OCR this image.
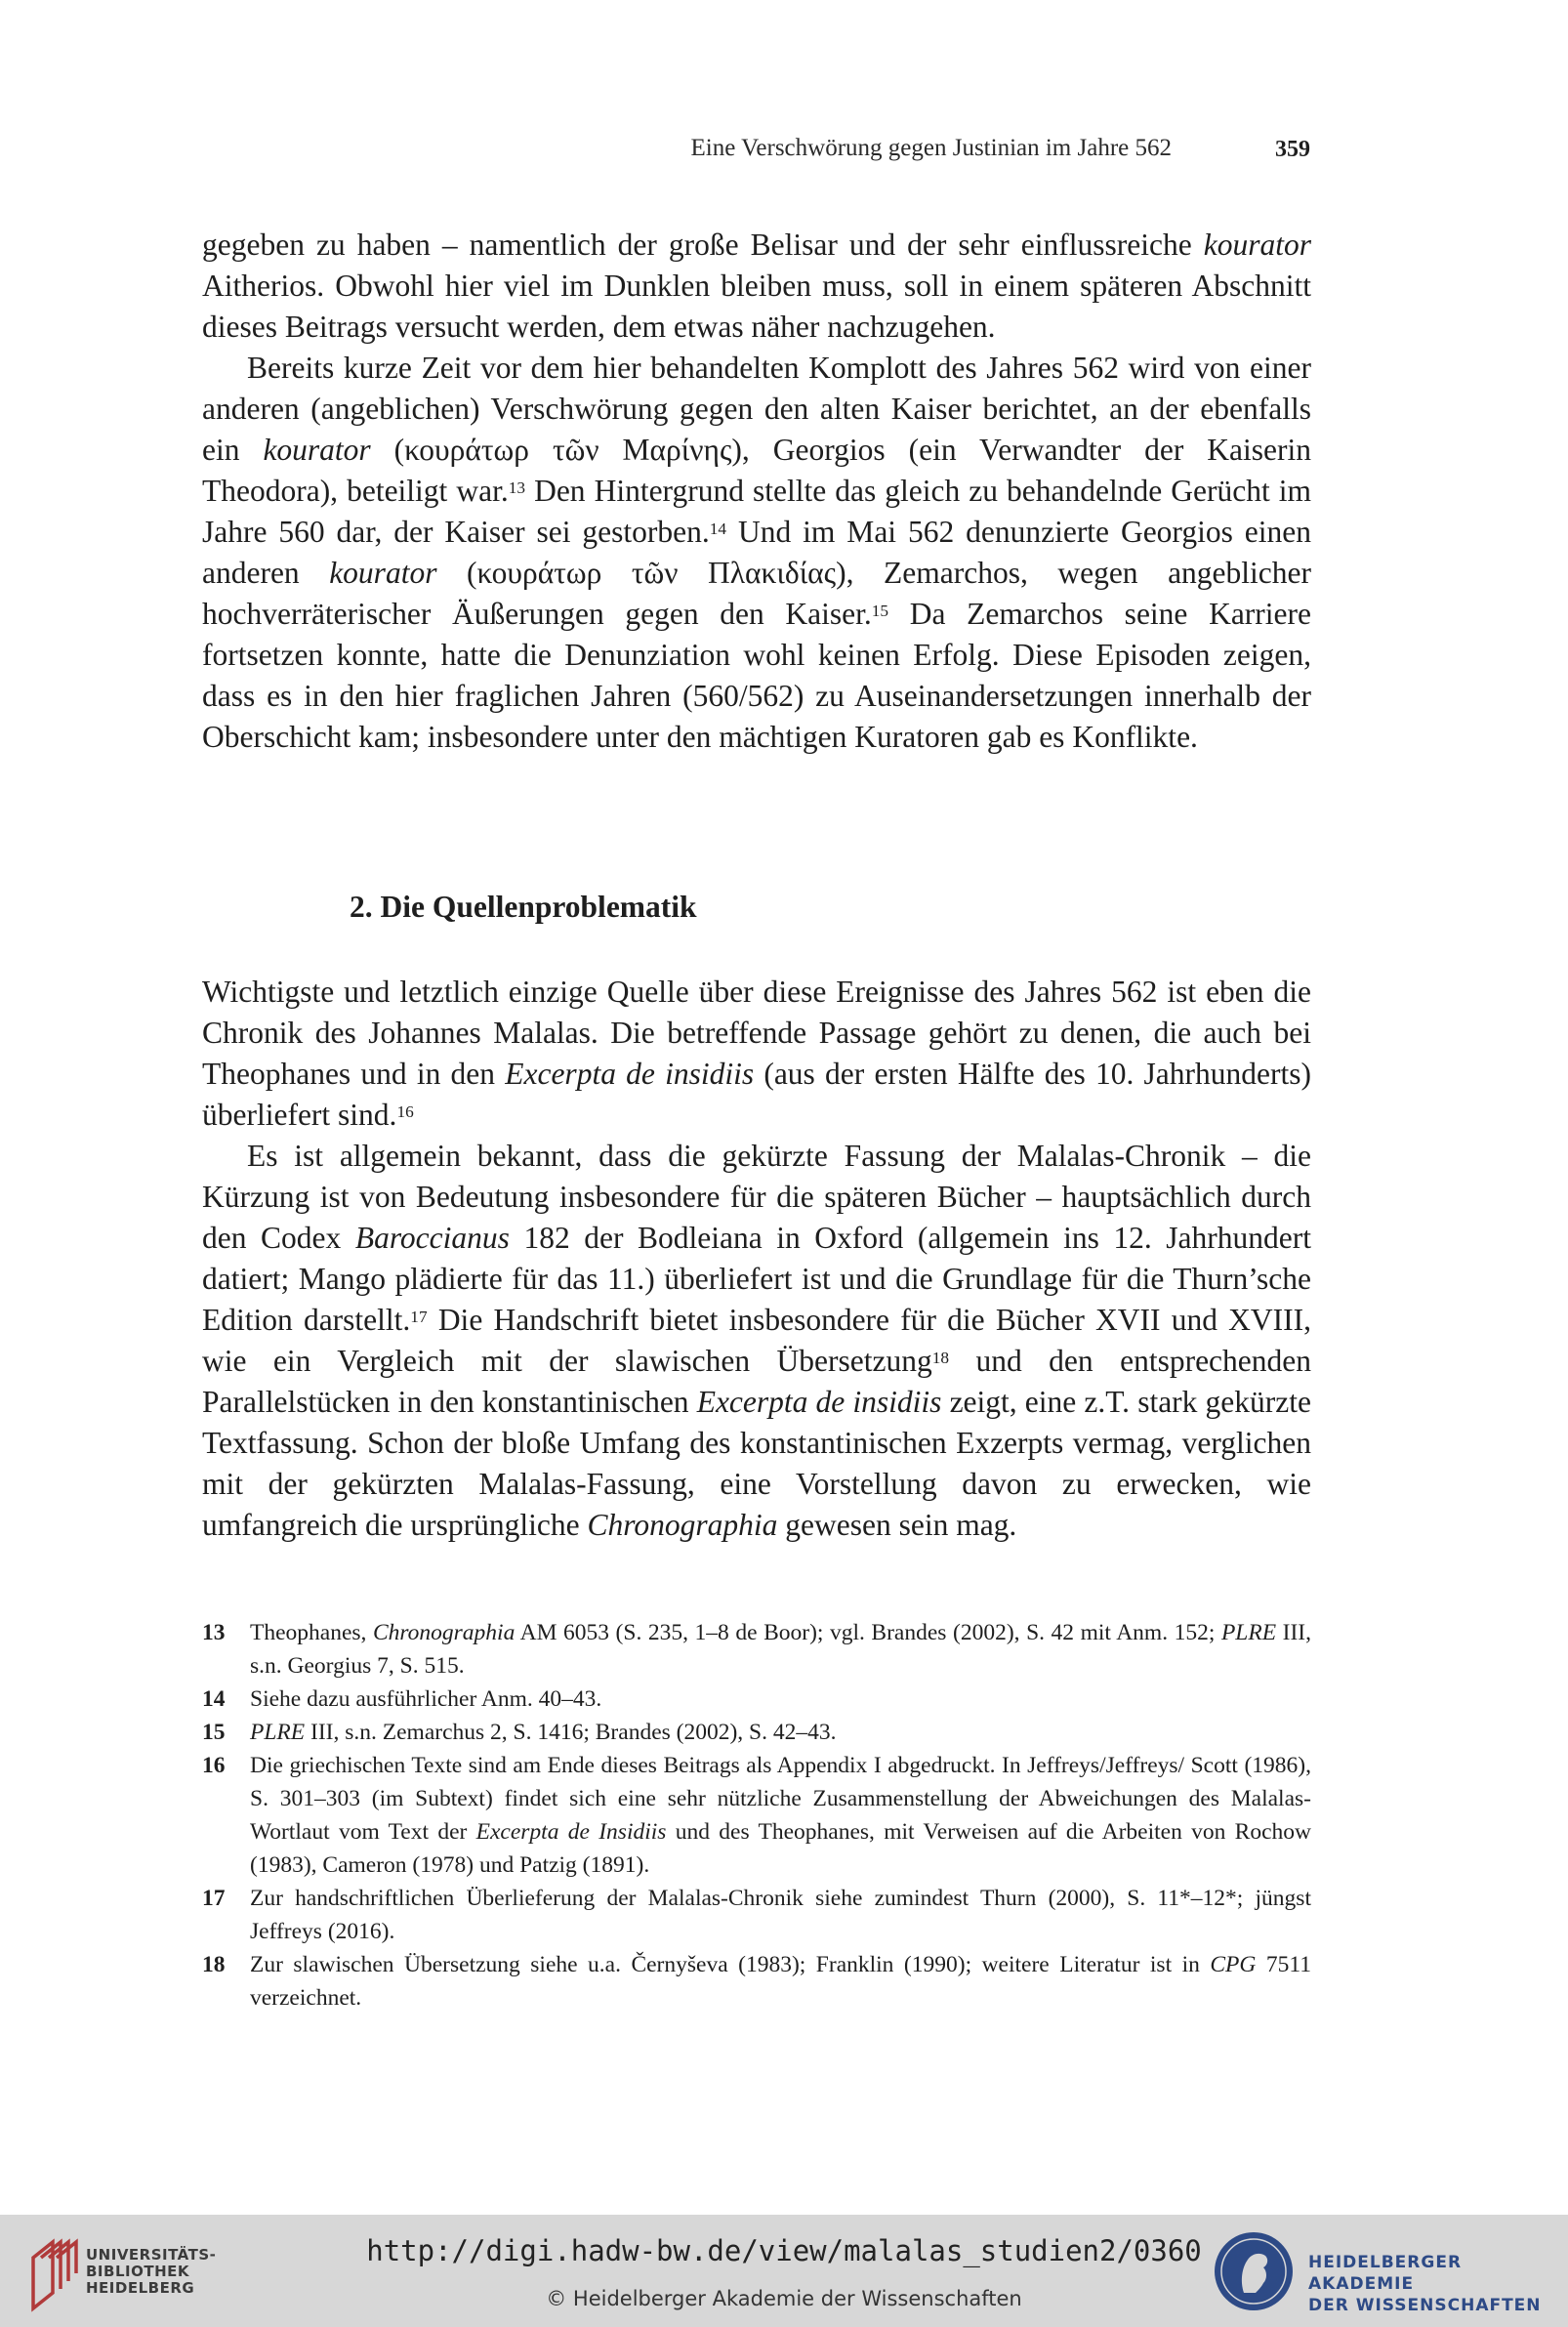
Eine Verschwörung gegen Justinian im Jahre 562	359

gegeben zu haben – namentlich der große Belisar und der sehr einflussreiche kourator Aitherios. Obwohl hier viel im Dunklen bleiben muss, soll in einem späteren Abschnitt dieses Beitrags versucht werden, dem etwas näher nachzugehen.

Bereits kurze Zeit vor dem hier behandelten Komplott des Jahres 562 wird von einer anderen (angeblichen) Verschwörung gegen den alten Kaiser berichtet, an der ebenfalls ein kourator (κουράτωρ τῶν Μαρίνης), Georgios (ein Verwandter der Kaiserin Theodora), beteiligt war.$^{13}$ Den Hintergrund stellte das gleich zu behandelnde Gerücht im Jahre 560 dar, der Kaiser sei gestorben.$^{14}$ Und im Mai 562 denunzierte Georgios einen anderen kourator (κουράτωρ τῶν Πλακιδίας), Zemarchos, wegen angeblicher hochverräterischer Äußerungen gegen den Kaiser.$^{15}$ Da Zemarchos seine Karriere fortsetzen konnte, hatte die Denunziation wohl keinen Erfolg. Diese Episoden zeigen, dass es in den hier fraglichen Jahren (560/562) zu Auseinandersetzungen innerhalb der Oberschicht kam; insbesondere unter den mächtigen Kuratoren gab es Konflikte.

2. Die Quellenproblematik

Wichtigste und letztlich einzige Quelle über diese Ereignisse des Jahres 562 ist eben die Chronik des Johannes Malalas. Die betreffende Passage gehört zu denen, die auch bei Theophanes und in den Excerpta de insidiis (aus der ersten Hälfte des 10. Jahrhunderts) überliefert sind.$^{16}$

Es ist allgemein bekannt, dass die gekürzte Fassung der Malalas-Chronik – die Kürzung ist von Bedeutung insbesondere für die späteren Bücher – hauptsächlich durch den Codex Baroccianus 182 der Bodleiana in Oxford (allgemein ins 12. Jahrhundert datiert; Mango plädierte für das 11.) überliefert ist und die Grundlage für die Thurn’sche Edition darstellt.$^{17}$ Die Handschrift bietet insbesondere für die Bücher XVII und XVIII, wie ein Vergleich mit der slawischen Übersetzung$^{18}$ und den entsprechenden Parallelstücken in den konstantinischen Excerpta de insidiis zeigt, eine z.T. stark gekürzte Textfassung. Schon der bloße Umfang des konstantinischen Exzerpts vermag, verglichen mit der gekürzten Malalas-Fassung, eine Vorstellung davon zu erwecken, wie umfangreich die ursprüngliche Chronographia gewesen sein mag.

13 Theophanes, Chronographia AM 6053 (S. 235, 1–8 de Boor); vgl. Brandes (2002), S. 42 mit Anm. 152; PLRE III, s.n. Georgius 7, S. 515.

14 Siehe dazu ausführlicher Anm. 40–43.

15 PLRE III, s.n. Zemarchus 2, S. 1416; Brandes (2002), S. 42–43.

16 Die griechischen Texte sind am Ende dieses Beitrags als Appendix I abgedruckt. In Jeffreys/Jeffreys/ Scott (1986), S. 301–303 (im Subtext) findet sich eine sehr nützliche Zusammenstellung der Abweichungen des Malalas-Wortlaut vom Text der Excerpta de Insidiis und des Theophanes, mit Verweisen auf die Arbeiten von Rochow (1983), Cameron (1978) und Patzig (1891).

17 Zur handschriftlichen Überlieferung der Malalas-Chronik siehe zumindest Thurn (2000), S. 11*–12*; jüngst Jeffreys (2016).

18 Zur slawischen Übersetzung siehe u.a. Černyševa (1983); Franklin (1990); weitere Literatur ist in CPG 7511 verzeichnet.

UNIVERSITÄTS-
BIBLIOTHEK
HEIDELBERG
http://digi.hadw-bw.de/view/malalas_studien2/0360
© Heidelberger Akademie der Wissenschaften
HEIDELBERGER AKADEMIE
DER WISSENSCHAFTEN
